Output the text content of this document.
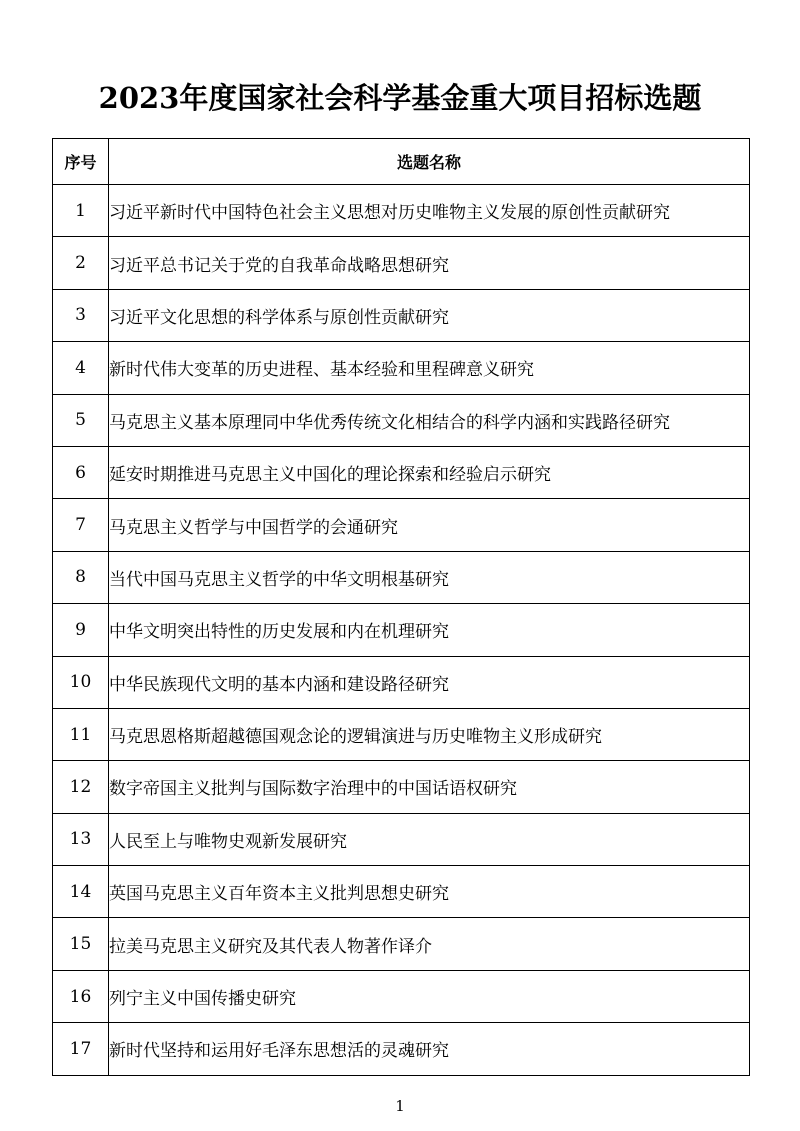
2023年度国家社会科学基金重大项目招标选题
序号	选题名称
1	习近平新时代中国特色社会主义思想对历史唯物主义发展的原创性贡献研究
2	习近平总书记关于党的自我革命战略思想研究
3	习近平文化思想的科学体系与原创性贡献研究
4	新时代伟大变革的历史进程、基本经验和里程碑意义研究
5	马克思主义基本原理同中华优秀传统文化相结合的科学内涵和实践路径研究
6	延安时期推进马克思主义中国化的理论探索和经验启示研究
7	马克思主义哲学与中国哲学的会通研究
8	当代中国马克思主义哲学的中华文明根基研究
9	中华文明突出特性的历史发展和内在机理研究
10	中华民族现代文明的基本内涵和建设路径研究
11	马克思恩格斯超越德国观念论的逻辑演进与历史唯物主义形成研究
12	数字帝国主义批判与国际数字治理中的中国话语权研究
13	人民至上与唯物史观新发展研究
14	英国马克思主义百年资本主义批判思想史研究
15	拉美马克思主义研究及其代表人物著作译介
16	列宁主义中国传播史研究
17	新时代坚持和运用好毛泽东思想活的灵魂研究
1
